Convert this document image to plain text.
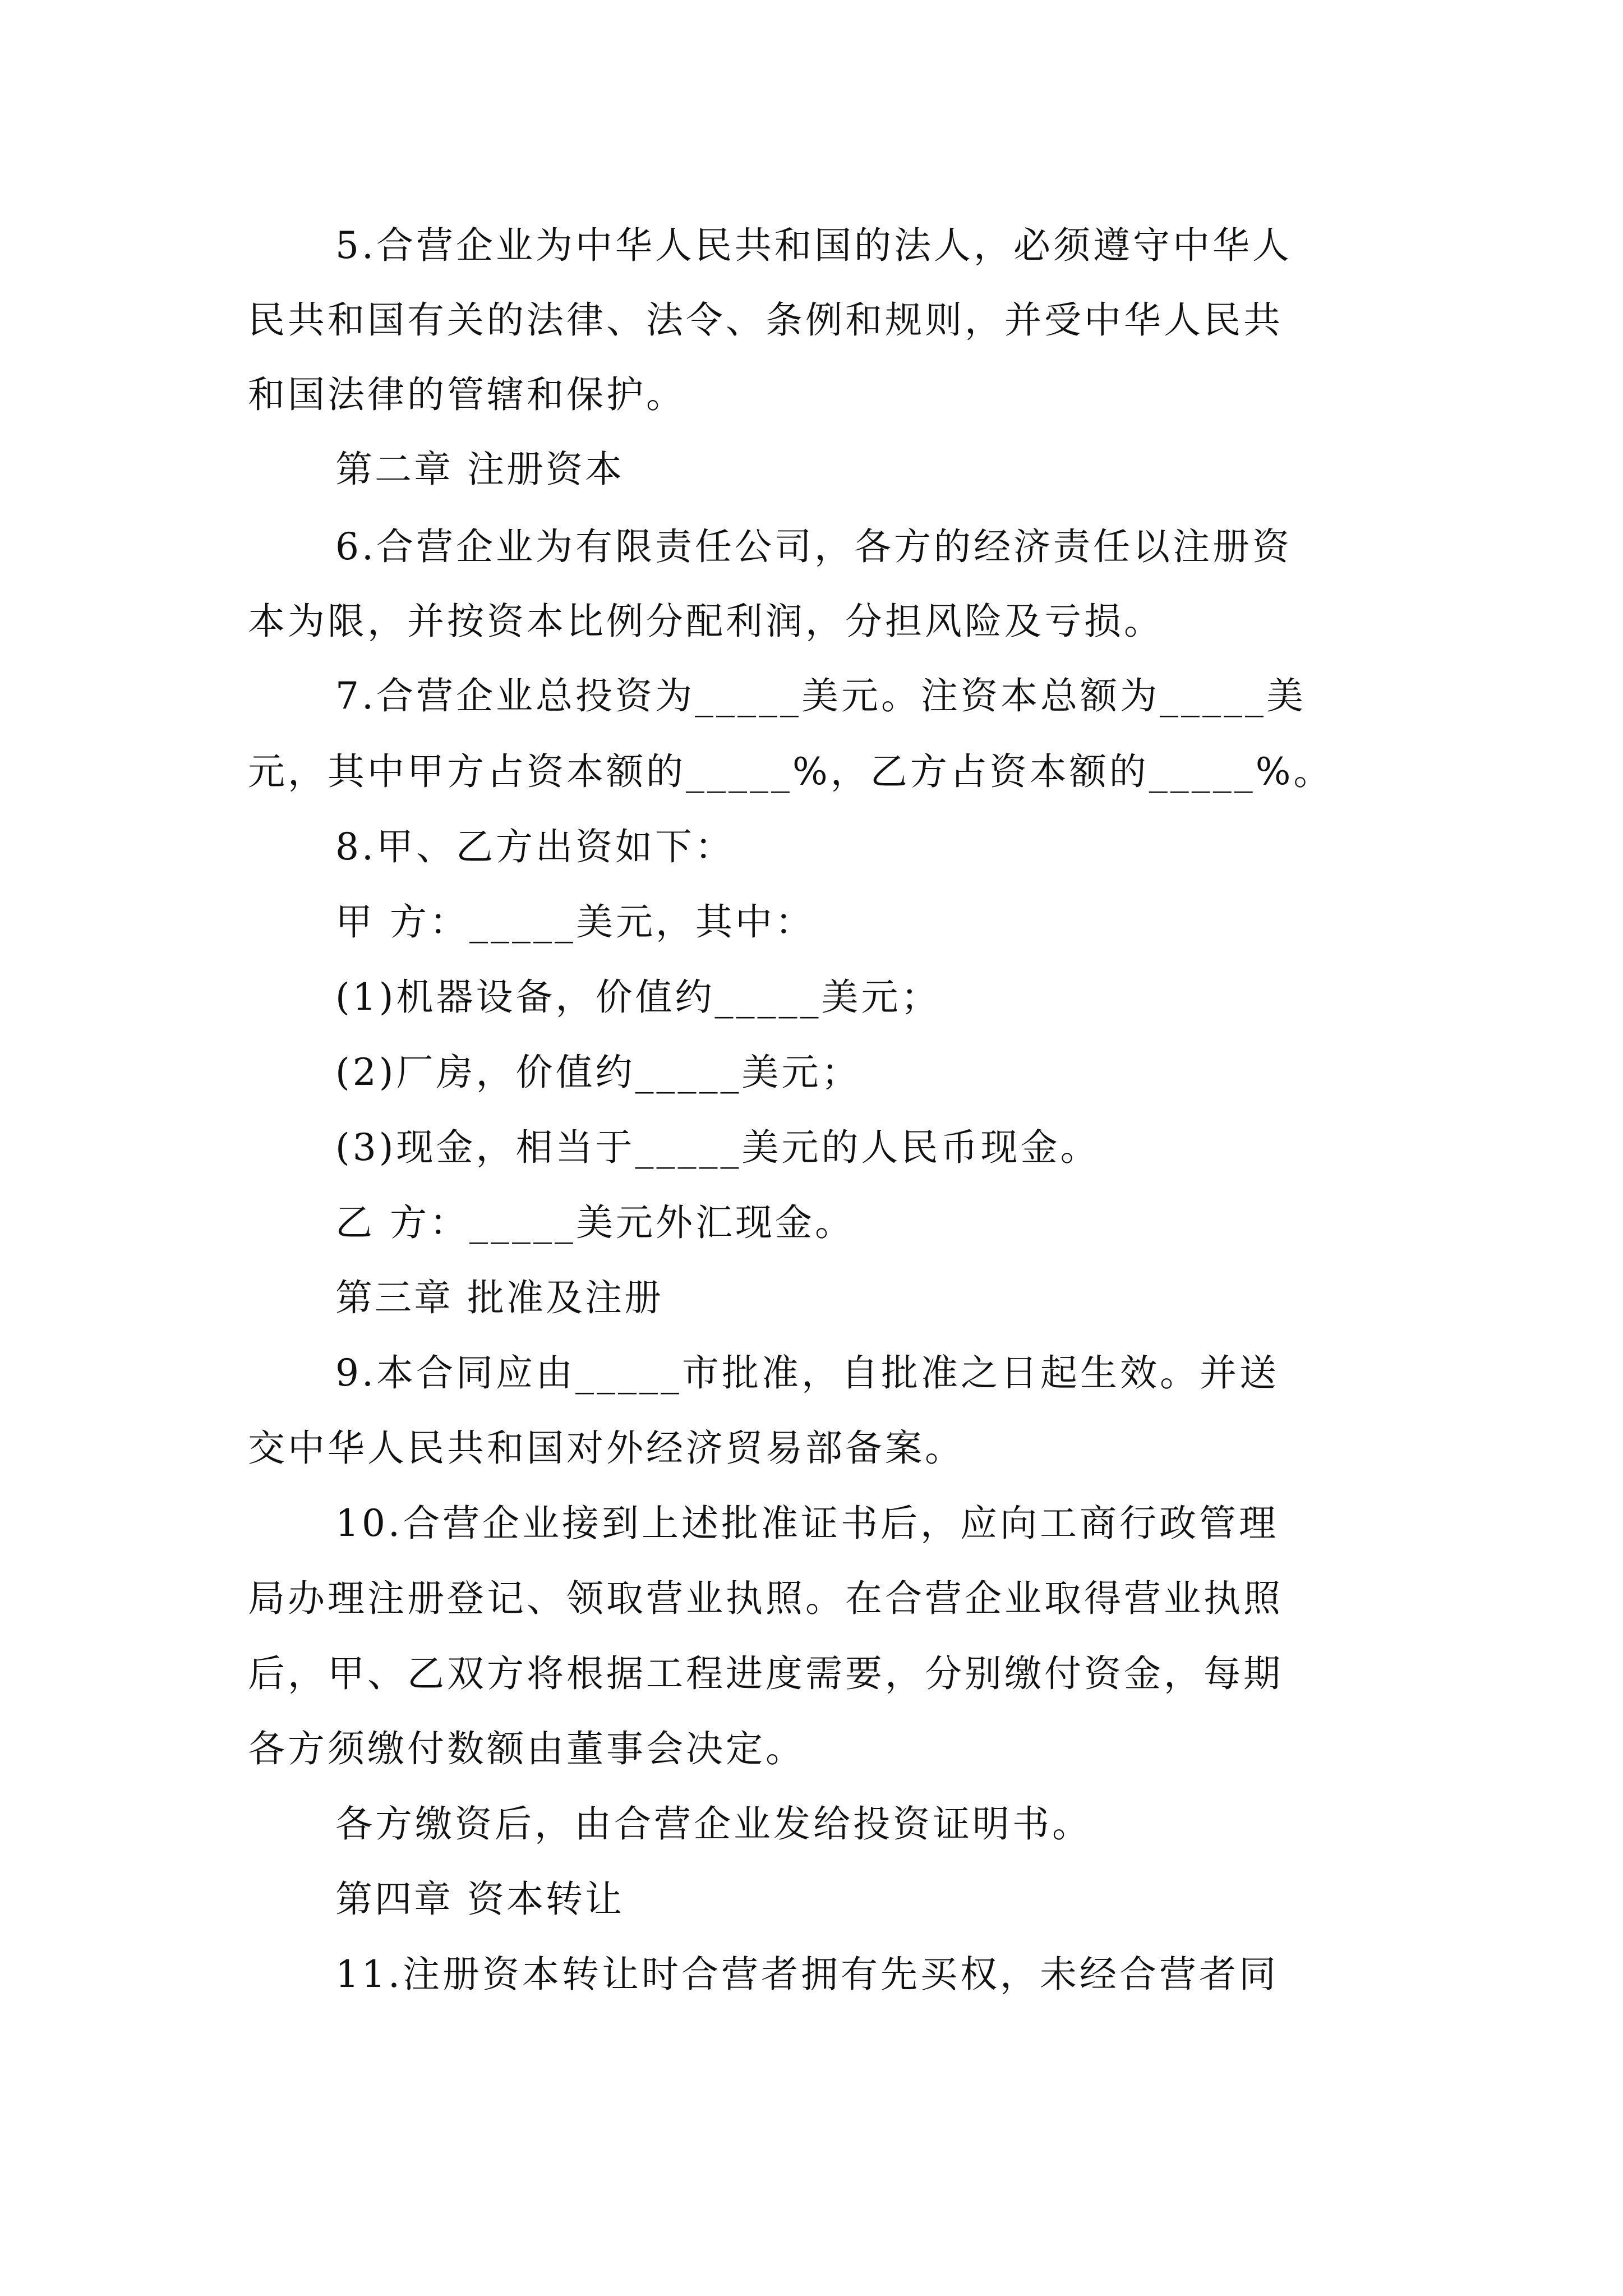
5.合营企业为中华人民共和国的法人，必须遵守中华人
民共和国有关的法律、法令、条例和规则，并受中华人民共
和国法律的管辖和保护。
第二章 注册资本
6.合营企业为有限责任公司，各方的经济责任以注册资
本为限，并按资本比例分配利润，分担风险及亏损。
7.合营企业总投资为_____美元。注资本总额为_____美
元，其中甲方占资本额的_____%，乙方占资本额的_____%。
8.甲、乙方出资如下：
甲 方：_____美元，其中：
(1)机器设备，价值约_____美元；
(2)厂房，价值约_____美元；
(3)现金，相当于_____美元的人民币现金。
乙 方：_____美元外汇现金。
第三章 批准及注册
9.本合同应由_____市批准，自批准之日起生效。并送
交中华人民共和国对外经济贸易部备案。
10.合营企业接到上述批准证书后，应向工商行政管理
局办理注册登记、领取营业执照。在合营企业取得营业执照
后，甲、乙双方将根据工程进度需要，分别缴付资金，每期
各方须缴付数额由董事会决定。
各方缴资后，由合营企业发给投资证明书。
第四章 资本转让
11.注册资本转让时合营者拥有先买权，未经合营者同
